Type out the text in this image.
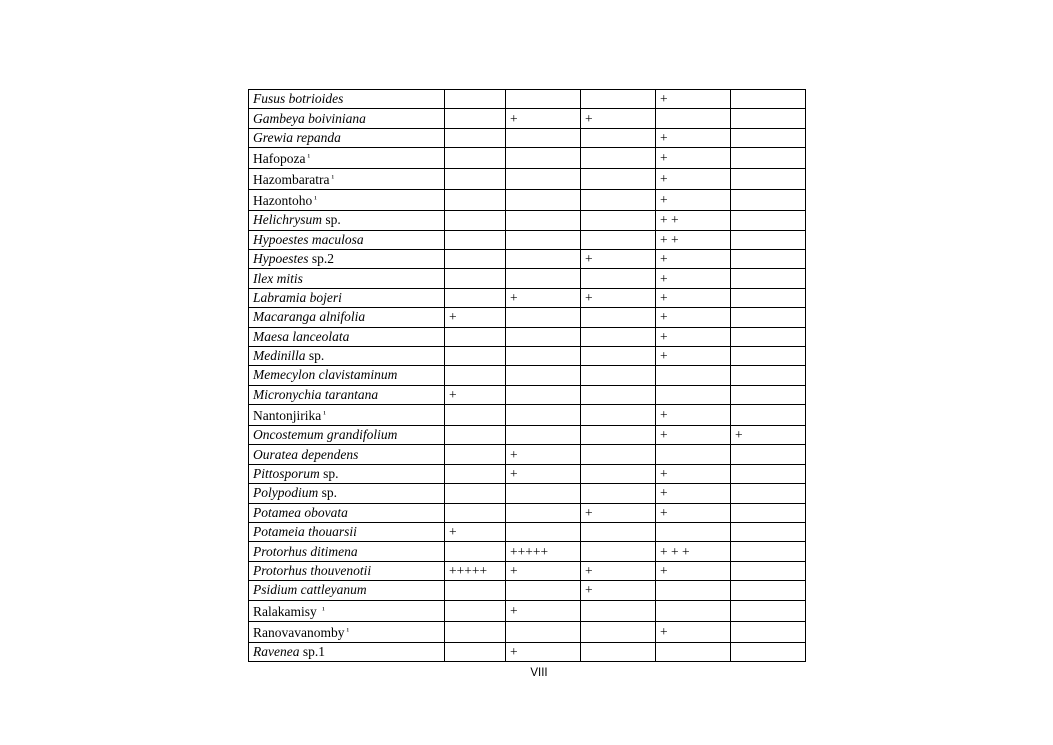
Fusus botrioides				+	
Gambeya boiviniana		+	+		
Grewia repanda				+	
Hafopoza $^{^1}$				+	
Hazombaratra $^{^1}$				+	
Hazontoho $^{^1}$				+	
Helichrysum sp.				+ +	
Hypoestes maculosa				+ +	
Hypoestes sp.2			+	+	
Ilex mitis				+	
Labramia bojeri		+	+	+	
Macaranga alnifolia	+			+	
Maesa lanceolata				+	
Medinilla sp.				+	
Memecylon clavistaminum					
Micronychia tarantana	+				
Nantonjirika $^{^1}$				+	
Oncostemum grandifolium				+	+
Ouratea dependens		+			
Pittosporum sp.		+		+	
Polypodium sp.				+	
Potamea obovata			+	+	
Potameia thouarsii	+				
Protorhus ditimena		+++++		+ + +	
Protorhus thouvenotii	+++++	+	+	+	
Psidium cattleyanum			+		
Ralakamisy $^{^1}$		+			
Ranovavanomby $^{^1}$				+	
Ravenea sp.1		+			
VIII
